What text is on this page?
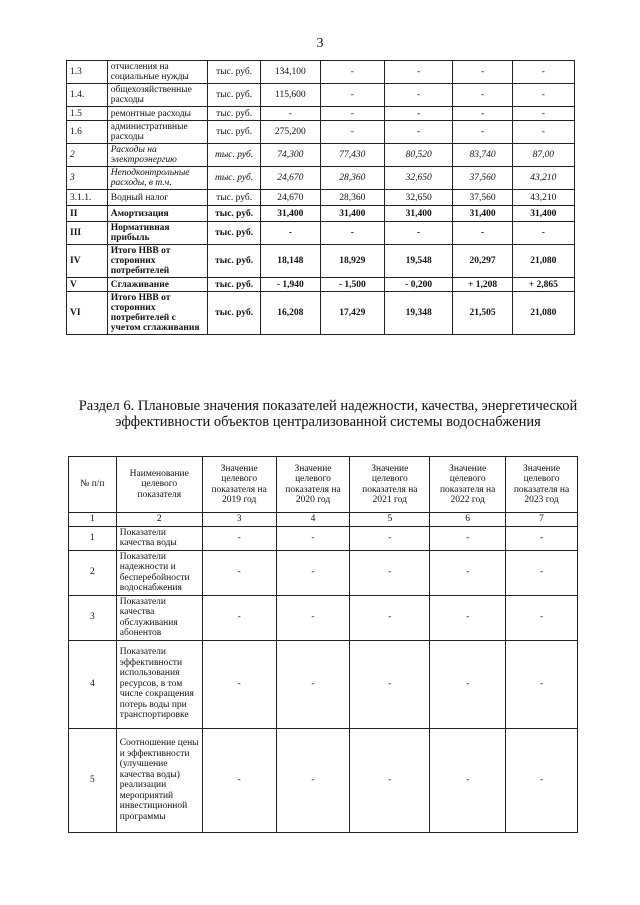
3
1.3	отчисления на социальные нужды	тыс. руб.	134,100	-	-	-	-
1.4.	общехозяйственные расходы	тыс. руб.	115,600	-	-	-	-
1.5	ремонтные расходы	тыс. руб.	-	-	-	-	-
1.6	административные расходы	тыс. руб.	275,200	-	-	-	-
2	Расходы на электроэнергию	тыс. руб.	74,300	77,430	80,520	83,740	87,00
3	Неподконтрольные расходы, в т.ч.	тыс. руб.	24,670	28,360	32,650	37,560	43,210
3.1.1.	Водный налог	тыс. руб.	24,670	28,360	32,650	37,560	43,210
II	Амортизация	тыс. руб.	31,400	31,400	31,400	31,400	31,400
III	Нормативная прибыль	тыс. руб.	-	-	-	-	-
IV	Итого НВВ от сторонних потребителей	тыс. руб.	18,148	18,929	19,548	20,297	21,080
V	Сглаживание	тыс. руб.	- 1,940	- 1,500	- 0,200	+ 1,208	+ 2,865
VI	Итого НВВ от сторонних потребителей с учетом сглаживания	тыс. руб.	16,208	17,429	19,348	21,505	21,080
Раздел 6. Плановые значения показателей надежности, качества, энергетической эффективности объектов централизованной системы водоснабжения
№ п/п	Наименование целевого показателя	Значение целевого показателя на 2019 год	Значение целевого показателя на 2020 год	Значение целевого показателя на 2021 год	Значение целевого показателя на 2022 год	Значение целевого показателя на 2023 год
1	2	3	4	5	6	7
1	Показатели качества воды	-	-	-	-	-
2	Показатели надежности и бесперебойности водоснабжения	-	-	-	-	-
3	Показатели качества обслуживания абонентов	-	-	-	-	-
4	Показатели эффективности использования ресурсов, в том числе сокращения потерь воды при транспортировке	-	-	-	-	-
5	Соотношение цены и эффективности (улучшение качества воды) реализации мероприятий инвестиционной программы	-	-	-	-	-
